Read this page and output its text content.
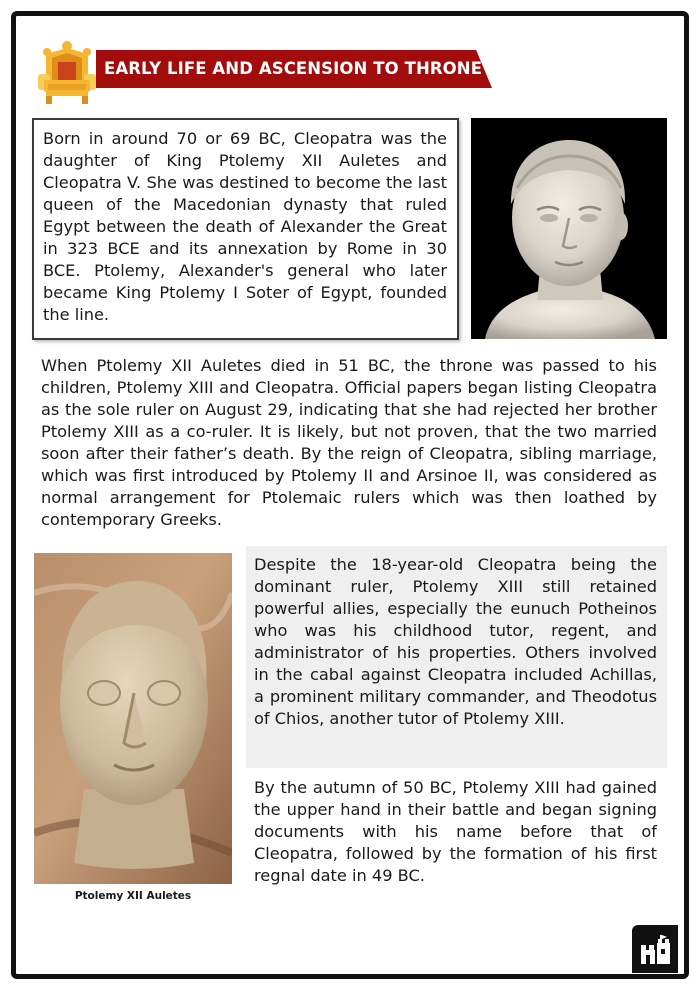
EARLY LIFE AND ASCENSION TO THRONE

Born in around 70 or 69 BC, Cleopatra was the daughter of King Ptolemy XII Auletes and Cleopatra V. She was destined to become the last queen of the Macedonian dynasty that ruled Egypt between the death of Alexander the Great in 323 BCE and its annexation by Rome in 30 BCE. Ptolemy, Alexander's general who later became King Ptolemy I Soter of Egypt, founded the line.

When Ptolemy XII Auletes died in 51 BC, the throne was passed to his children, Ptolemy XIII and Cleopatra. Official papers began listing Cleopatra as the sole ruler on August 29, indicating that she had rejected her brother Ptolemy XIII as a co-ruler. It is likely, but not proven, that the two married soon after their father’s death. By the reign of Cleopatra, sibling marriage, which was first introduced by Ptolemy II and Arsinoe II, was considered as normal arrangement for Ptolemaic rulers which was then loathed by contemporary Greeks.

Ptolemy XII Auletes

Despite the 18-year-old Cleopatra being the dominant ruler, Ptolemy XIII still retained powerful allies, especially the eunuch Potheinos who was his childhood tutor, regent, and administrator of his properties. Others involved in the cabal against Cleopatra included Achillas, a prominent military commander, and Theodotus of Chios, another tutor of Ptolemy XIII.

By the autumn of 50 BC, Ptolemy XIII had gained the upper hand in their battle and began signing documents with his name before that of Cleopatra, followed by the formation of his first regnal date in 49 BC.
